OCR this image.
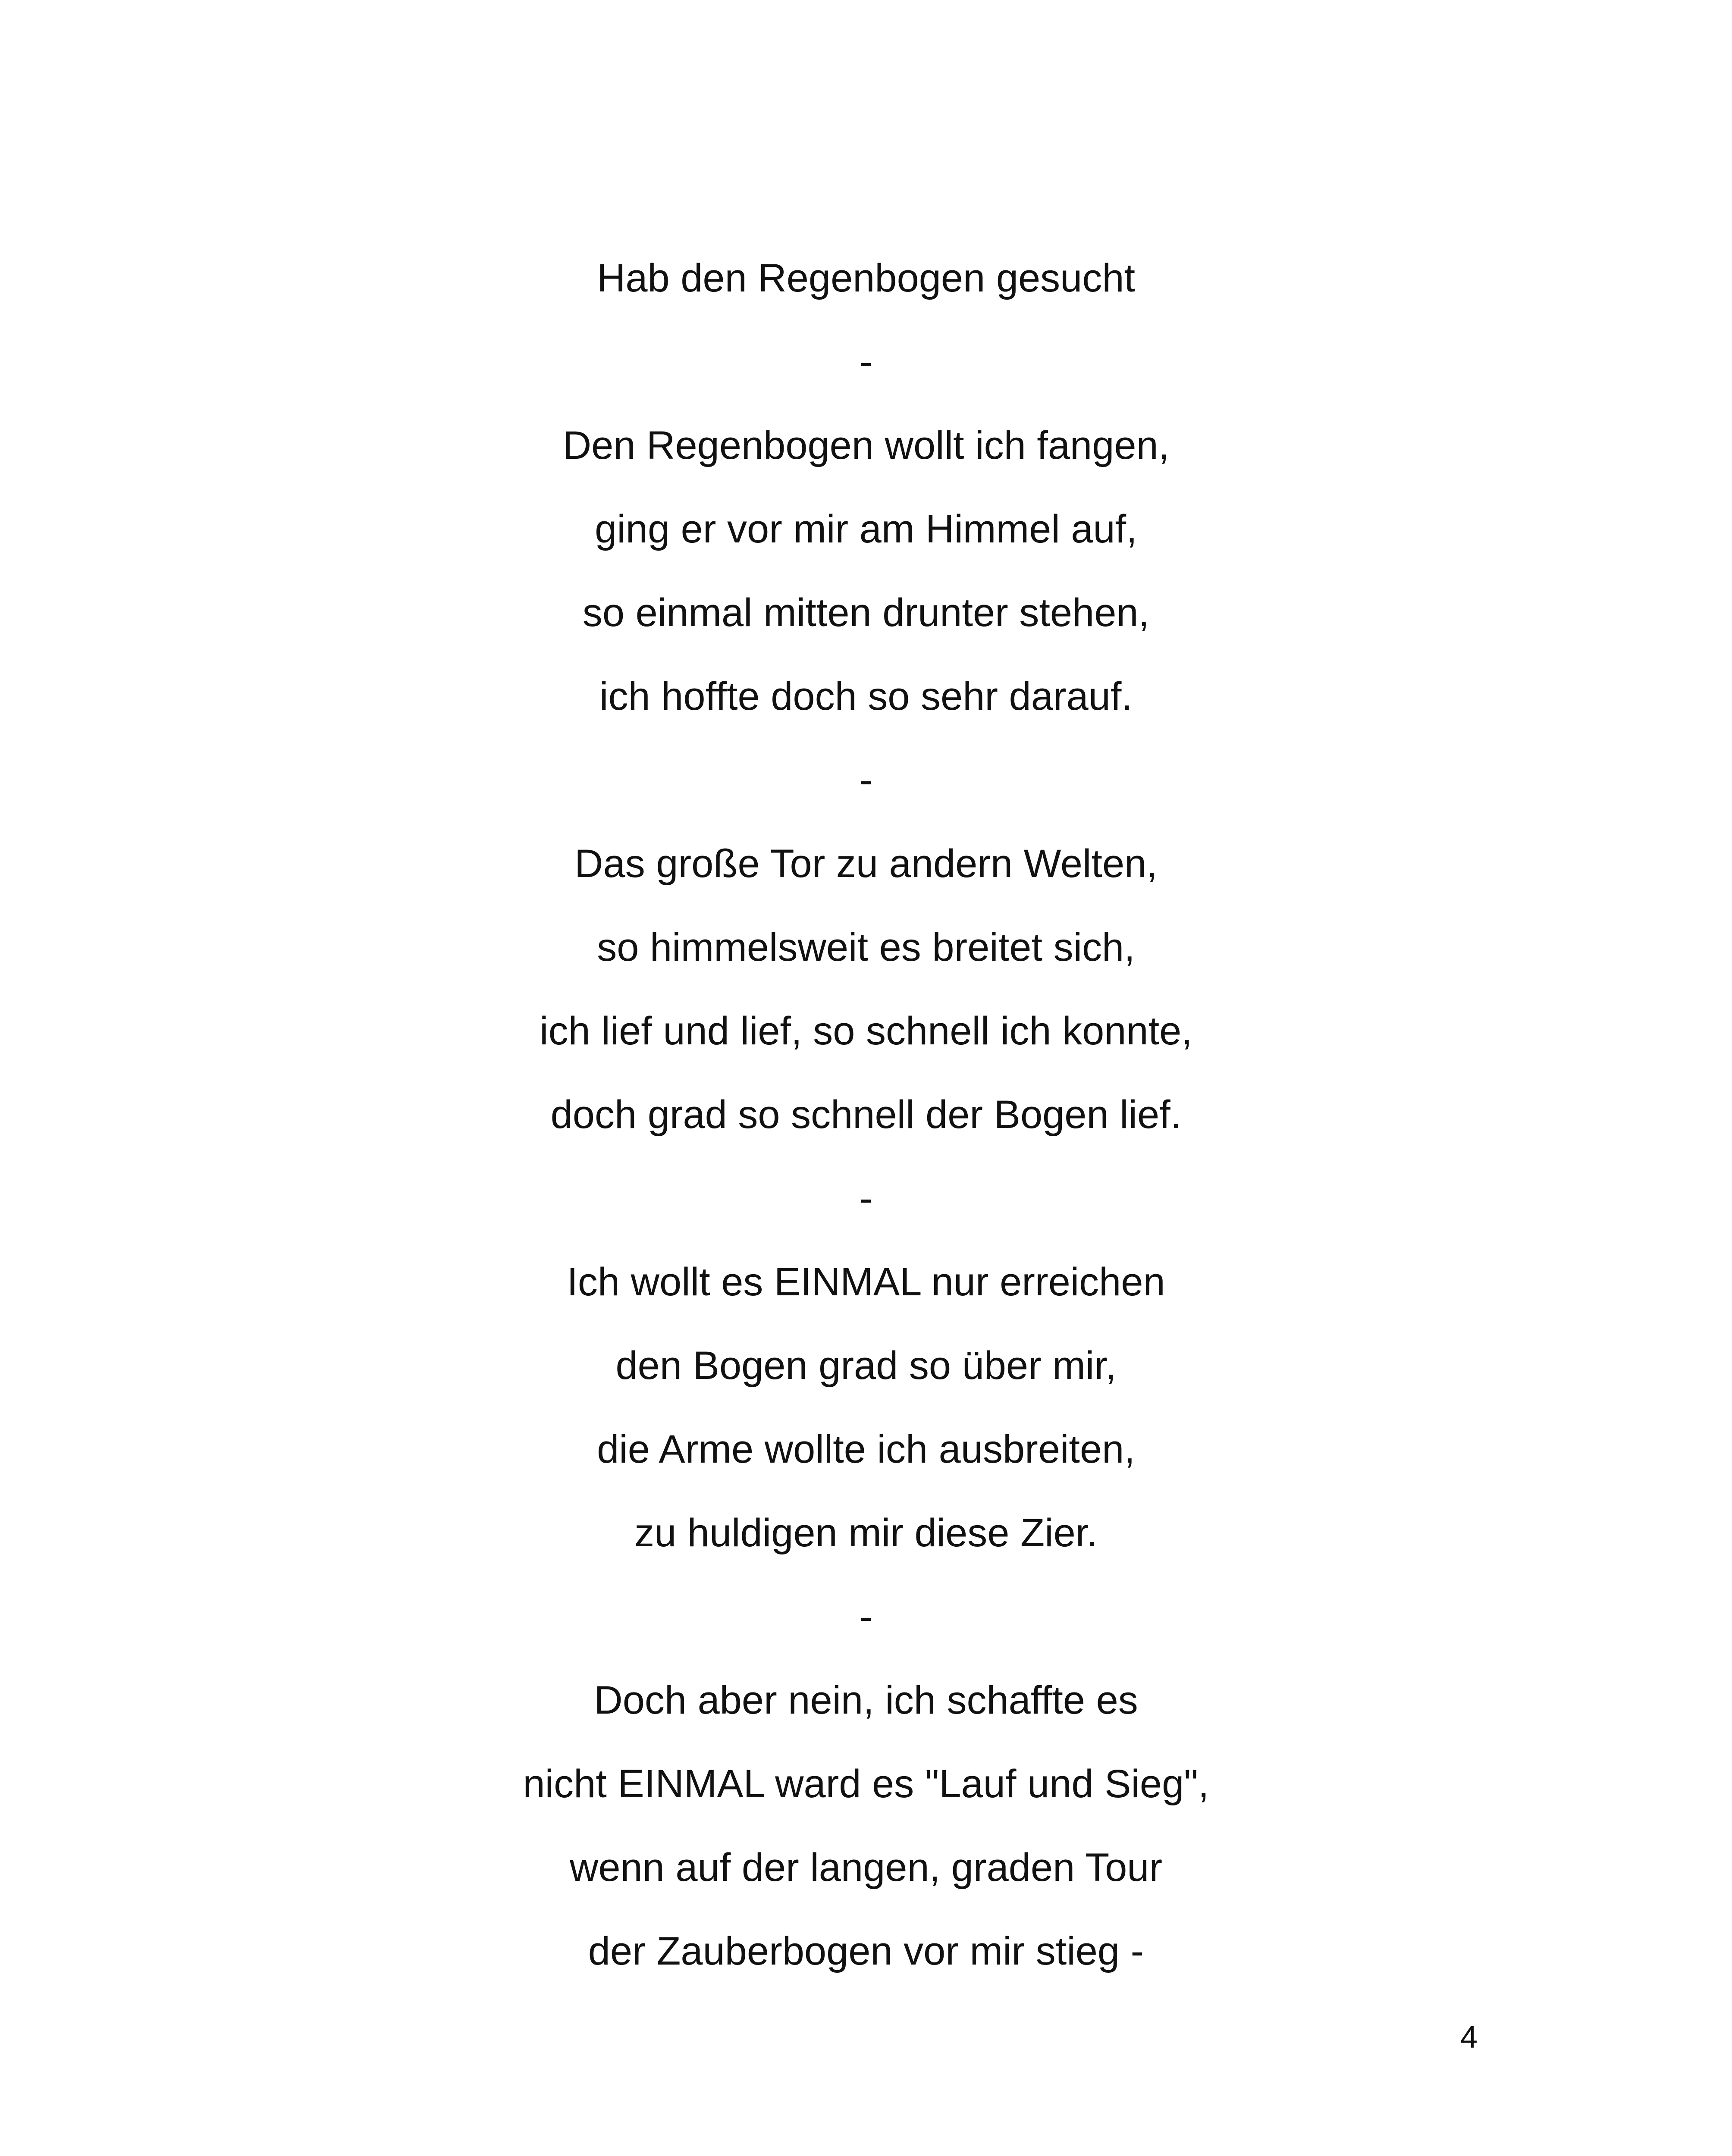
Hab den Regenbogen gesucht
-
Den Regenbogen wollt ich fangen,
ging er vor mir am Himmel auf,
so einmal mitten drunter stehen,
ich hoffte doch so sehr darauf.
-
Das große Tor zu andern Welten,
so himmelsweit es breitet sich,
ich lief und lief, so schnell ich konnte,
doch grad so schnell der Bogen lief.
-
Ich wollt es EINMAL nur erreichen
den Bogen grad so über mir,
die Arme wollte ich ausbreiten,
zu huldigen mir diese Zier.
-
Doch aber nein, ich schaffte es
nicht EINMAL ward es "Lauf und Sieg",
wenn auf der langen, graden Tour
der Zauberbogen vor mir stieg -
4
